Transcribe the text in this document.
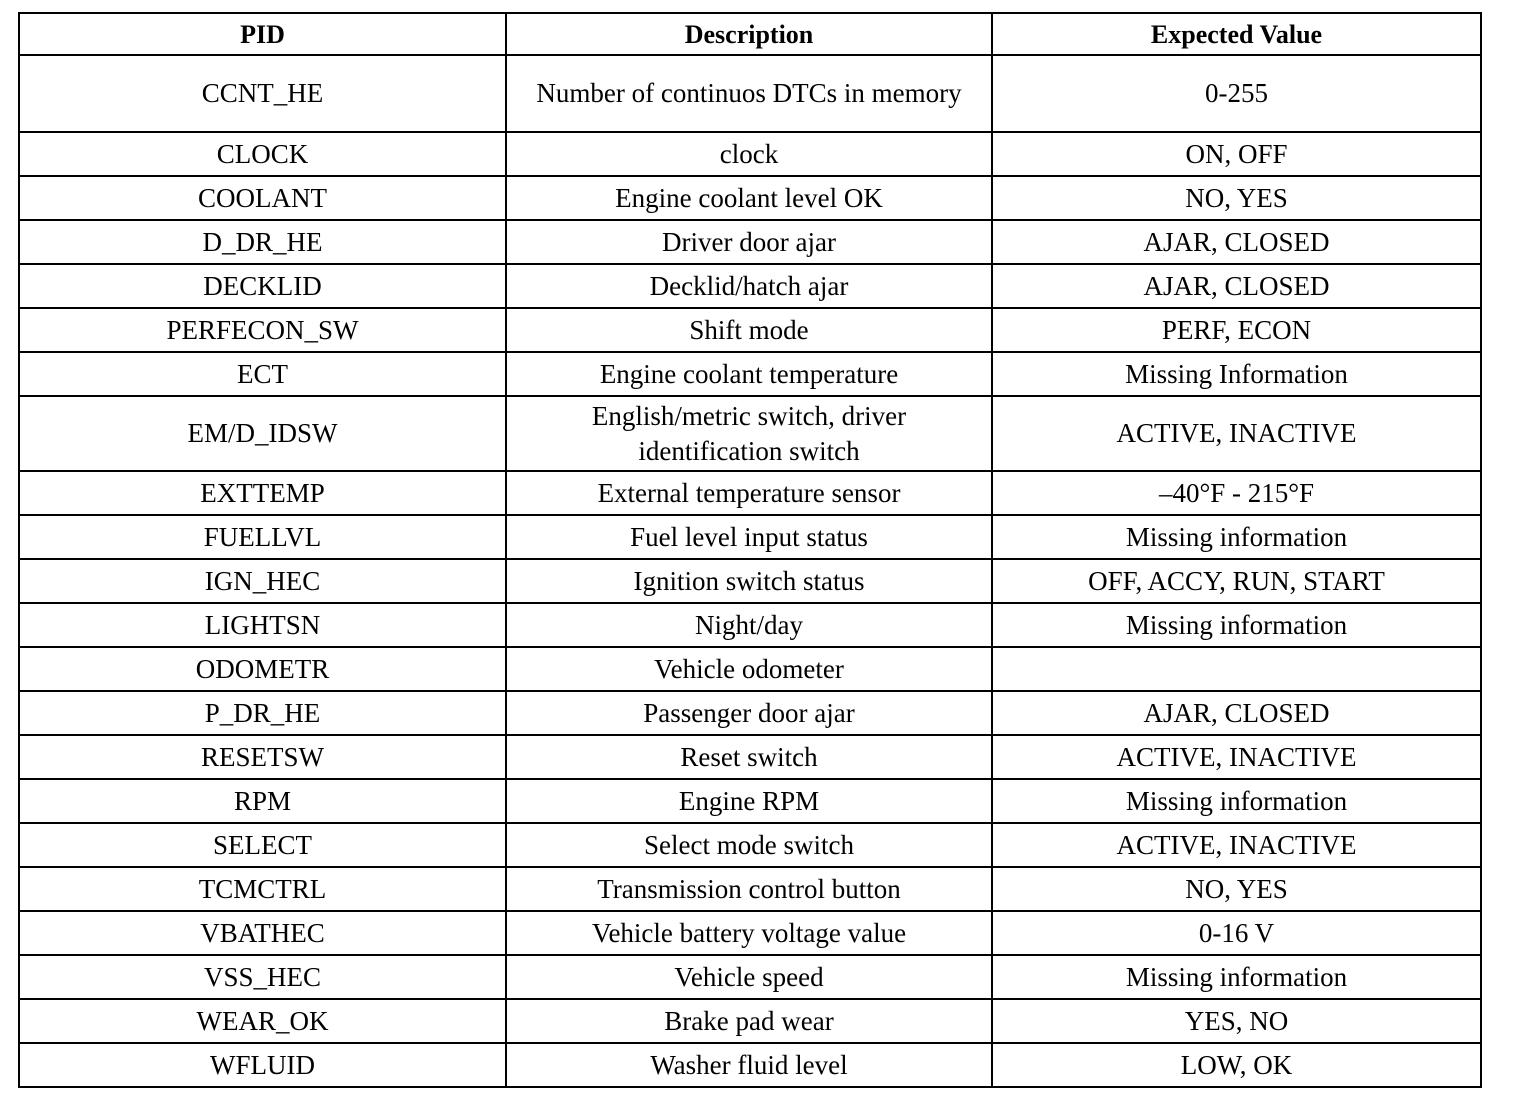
PID	Description	Expected Value
CCNT_HE	Number of continuos DTCs in memory	0-255
CLOCK	clock	ON, OFF
COOLANT	Engine coolant level OK	NO, YES
D_DR_HE	Driver door ajar	AJAR, CLOSED
DECKLID	Decklid/hatch ajar	AJAR, CLOSED
PERFECON_SW	Shift mode	PERF, ECON
ECT	Engine coolant temperature	Missing Information
EM/D_IDSW	English/metric switch, driver identification switch	ACTIVE, INACTIVE
EXTTEMP	External temperature sensor	–40°F - 215°F
FUELLVL	Fuel level input status	Missing information
IGN_HEC	Ignition switch status	OFF, ACCY, RUN, START
LIGHTSN	Night/day	Missing information
ODOMETR	Vehicle odometer	
P_DR_HE	Passenger door ajar	AJAR, CLOSED
RESETSW	Reset switch	ACTIVE, INACTIVE
RPM	Engine RPM	Missing information
SELECT	Select mode switch	ACTIVE, INACTIVE
TCMCTRL	Transmission control button	NO, YES
VBATHEC	Vehicle battery voltage value	0-16 V
VSS_HEC	Vehicle speed	Missing information
WEAR_OK	Brake pad wear	YES, NO
WFLUID	Washer fluid level	LOW, OK
